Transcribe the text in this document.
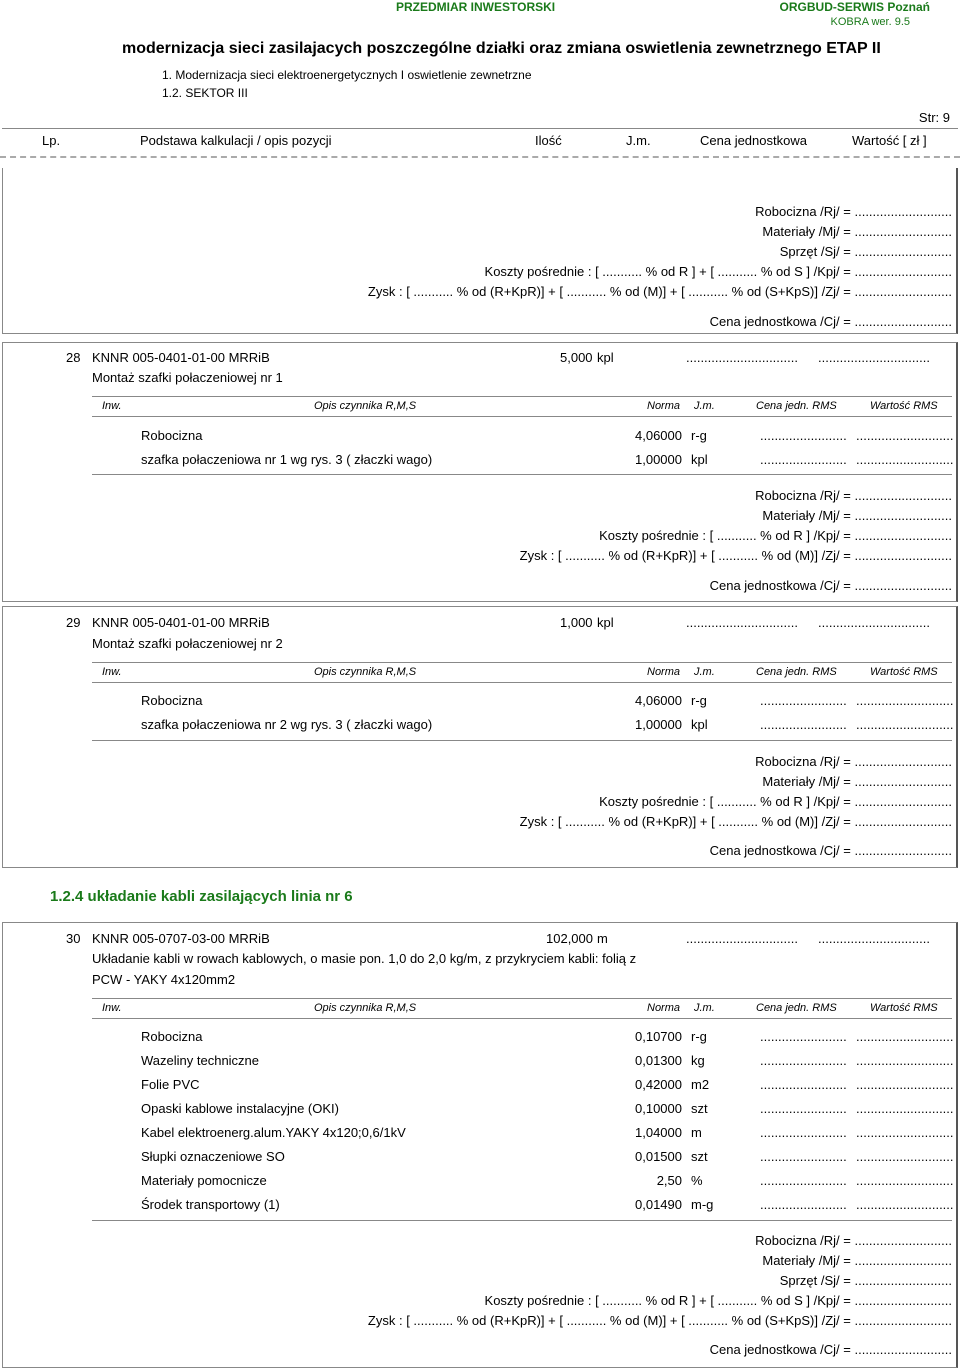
PRZEDMIAR INWESTORSKI	ORGBUD-SERWIS Poznań
KOBRA wer. 9.5
modernizacja sieci zasilajacych poszczególne działki oraz zmiana oswietlenia zewnetrznego ETAP II
1. Modernizacja sieci elektroenergetycznych I oswietlenie zewnetrzne
1.2. SEKTOR III
Str: 9
Lp.	Podstawa kalkulacji / opis pozycji	Ilość	J.m.	Cena jednostkowa	Wartość [ zł ]
Robocizna /Rj/ = ...........................
Materiały /Mj/ = ...........................
Sprzęt /Sj/ = ...........................
Koszty pośrednie : [ ........... % od R ] + [ ........... % od S ] /Kpj/ = ...........................
Zysk : [ ........... % od (R+KpR)] + [ ........... % od (M)] + [ ........... % od (S+KpS)] /Zj/ = ...........................
Cena jednostkowa /Cj/ = ...........................
28 KNNR 005-0401-01-00 MRRiB	5,000 kpl	............................... ...............................
Montaż szafki połaczeniowej nr 1
Inw.	Opis czynnika R,M,S	Norma J.m.	Cena jedn. RMS	Wartość RMS
Robocizna	4,06000 r-g	........................ ...........................
szafka połaczeniowa nr 1 wg rys. 3 ( złaczki wago)	1,00000 kpl	........................ ...........................
Robocizna /Rj/ = ...........................
Materiały /Mj/ = ...........................
Koszty pośrednie : [ ........... % od R ] /Kpj/ = ...........................
Zysk : [ ........... % od (R+KpR)] + [ ........... % od (M)] /Zj/ = ...........................
Cena jednostkowa /Cj/ = ...........................
29 KNNR 005-0401-01-00 MRRiB	1,000 kpl	............................... ...............................
Montaż szafki połaczeniowej nr 2
Inw.	Opis czynnika R,M,S	Norma J.m.	Cena jedn. RMS	Wartość RMS
Robocizna	4,06000 r-g	........................ ...........................
szafka połaczeniowa nr 2 wg rys. 3 ( złaczki wago)	1,00000 kpl	........................ ...........................
Robocizna /Rj/ = ...........................
Materiały /Mj/ = ...........................
Koszty pośrednie : [ ........... % od R ] /Kpj/ = ...........................
Zysk : [ ........... % od (R+KpR)] + [ ........... % od (M)] /Zj/ = ...........................
Cena jednostkowa /Cj/ = ...........................
1.2.4 układanie kabli zasilających linia nr 6
30 KNNR 005-0707-03-00 MRRiB	102,000 m	............................... ...............................
Układanie kabli w rowach kablowych, o masie pon. 1,0 do 2,0 kg/m, z przykryciem kabli: folią z
PCW - YAKY 4x120mm2
Inw.	Opis czynnika R,M,S	Norma J.m.	Cena jedn. RMS	Wartość RMS
Robocizna	0,10700 r-g	........................ ...........................
Wazeliny techniczne	0,01300 kg	........................ ...........................
Folie PVC	0,42000 m2	........................ ...........................
Opaski kablowe instalacyjne (OKI)	0,10000 szt	........................ ...........................
Kabel elektroenerg.alum.YAKY 4x120;0,6/1kV	1,04000 m	........................ ...........................
Słupki oznaczeniowe SO	0,01500 szt	........................ ...........................
Materiały pomocnicze	2,50 %	........................ ...........................
Środek transportowy (1)	0,01490 m-g	........................ ...........................
Robocizna /Rj/ = ...........................
Materiały /Mj/ = ...........................
Sprzęt /Sj/ = ...........................
Koszty pośrednie : [ ........... % od R ] + [ ........... % od S ] /Kpj/ = ...........................
Zysk : [ ........... % od (R+KpR)] + [ ........... % od (M)] + [ ........... % od (S+KpS)] /Zj/ = ...........................
Cena jednostkowa /Cj/ = ...........................
